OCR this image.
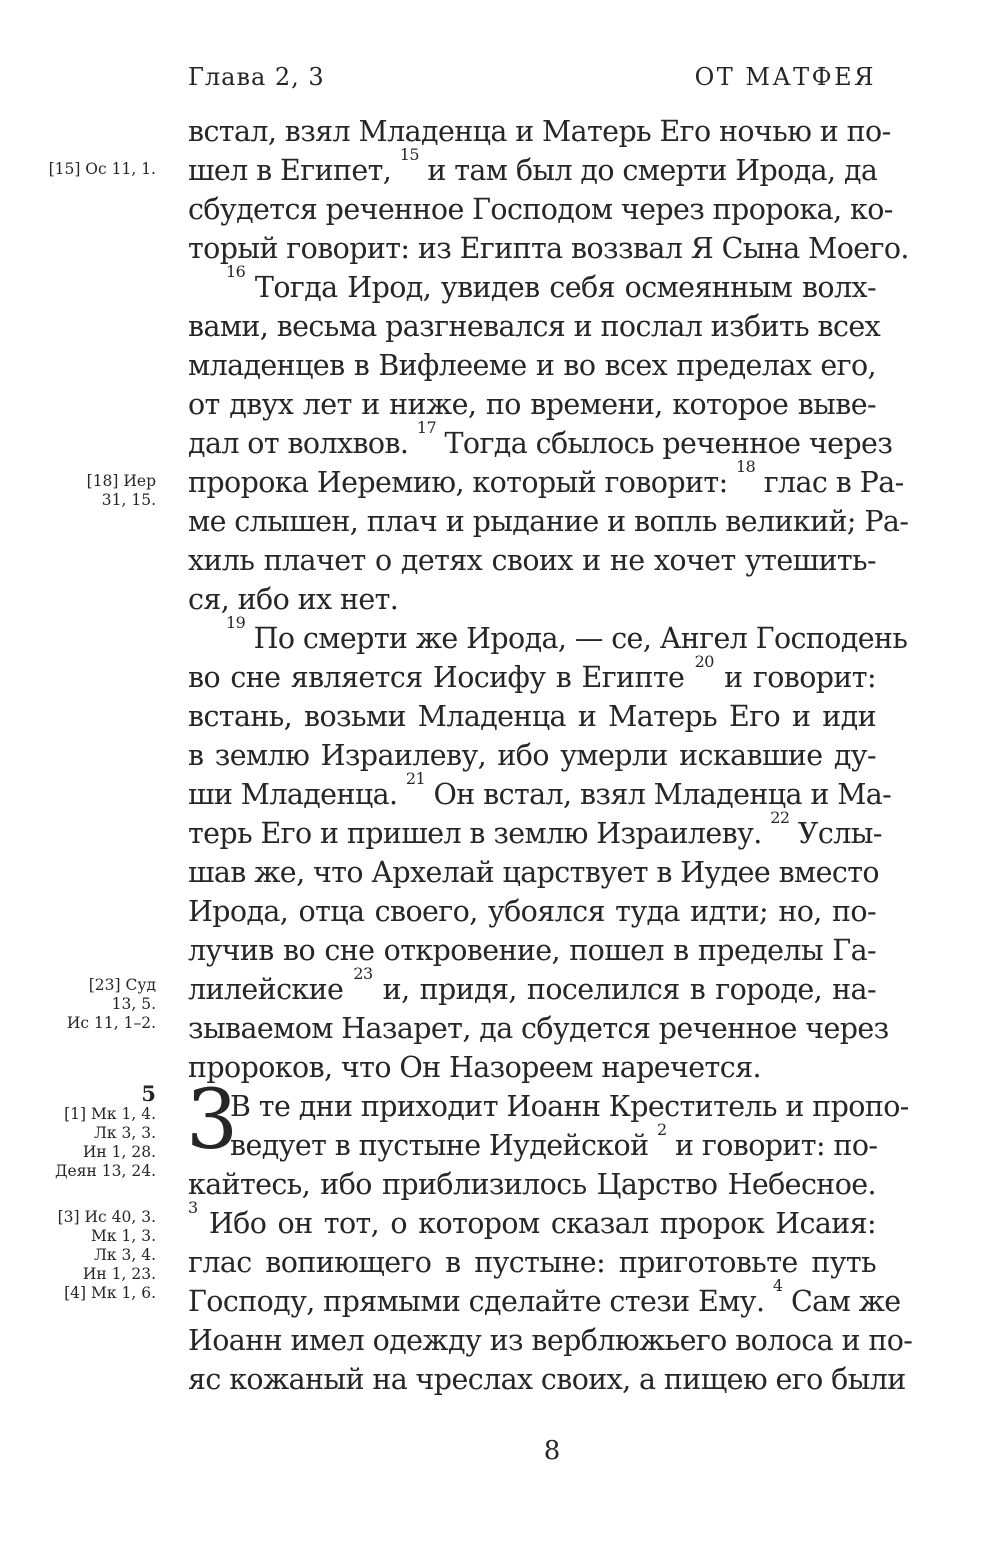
Глава 2, 3	ОТ МАТФЕЯ
[15] Ос 11, 1.
[18] Иер
31, 15.
[23] Суд
13, 5.
Ис 11, 1–2.
5
[1] Мк 1, 4.
Лк 3, 3.
Ин 1, 28.
Деян 13, 24.
[3] Ис 40, 3.
Мк 1, 3.
Лк 3, 4.
Ин 1, 23.
[4] Мк 1, 6.
встал, взял Младенца и Матерь Его ночью и по-
шел в Египет, $^{15}$ и там был до смерти Ирода, да
сбудется реченное Господом через пророка, ко-
торый говорит: из Египта воззвал Я Сына Моего.
$^{16}$ Тогда Ирод, увидев себя осмеянным волх-
вами, весьма разгневался и послал избить всех
младенцев в Вифлееме и во всех пределах его,
от двух лет и ниже, по времени, которое выве-
дал от волхвов. $^{17}$ Тогда сбылось реченное через
пророка Иеремию, который говорит: $^{18}$ глас в Ра-
ме слышен, плач и рыдание и вопль великий; Ра-
хиль плачет о детях своих и не хочет утешить-
ся, ибо их нет.
$^{19}$ По смерти же Ирода, — се, Ангел Господень
во сне является Иосифу в Египте $^{20}$ и говорит:
встань, возьми Младенца и Матерь Его и иди
в землю Израилеву, ибо умерли искавшие ду-
ши Младенца. $^{21}$ Он встал, взял Младенца и Ма-
терь Его и пришел в землю Израилеву. $^{22}$ Услы-
шав же, что Архелай царствует в Иудее вместо
Ирода, отца своего, убоялся туда идти; но, по-
лучив во сне откровение, пошел в пределы Га-
лилейские $^{23}$ и, придя, поселился в городе, на-
зываемом Назарет, да сбудется реченное через
пророков, что Он Назореем наречется.
В те дни приходит Иоанн Креститель и пропо-
ведует в пустыне Иудейской $^2$ и говорит: по-
кайтесь, ибо приблизилось Царство Небесное.
$^3$ Ибо он тот, о котором сказал пророк Исаия:
глас вопиющего в пустыне: приготовьте путь
Господу, прямыми сделайте стези Ему. $^4$ Сам же
Иоанн имел одежду из верблюжьего волоса и по-
яс кожаный на чреслах своих, а пищею его были
3
8
